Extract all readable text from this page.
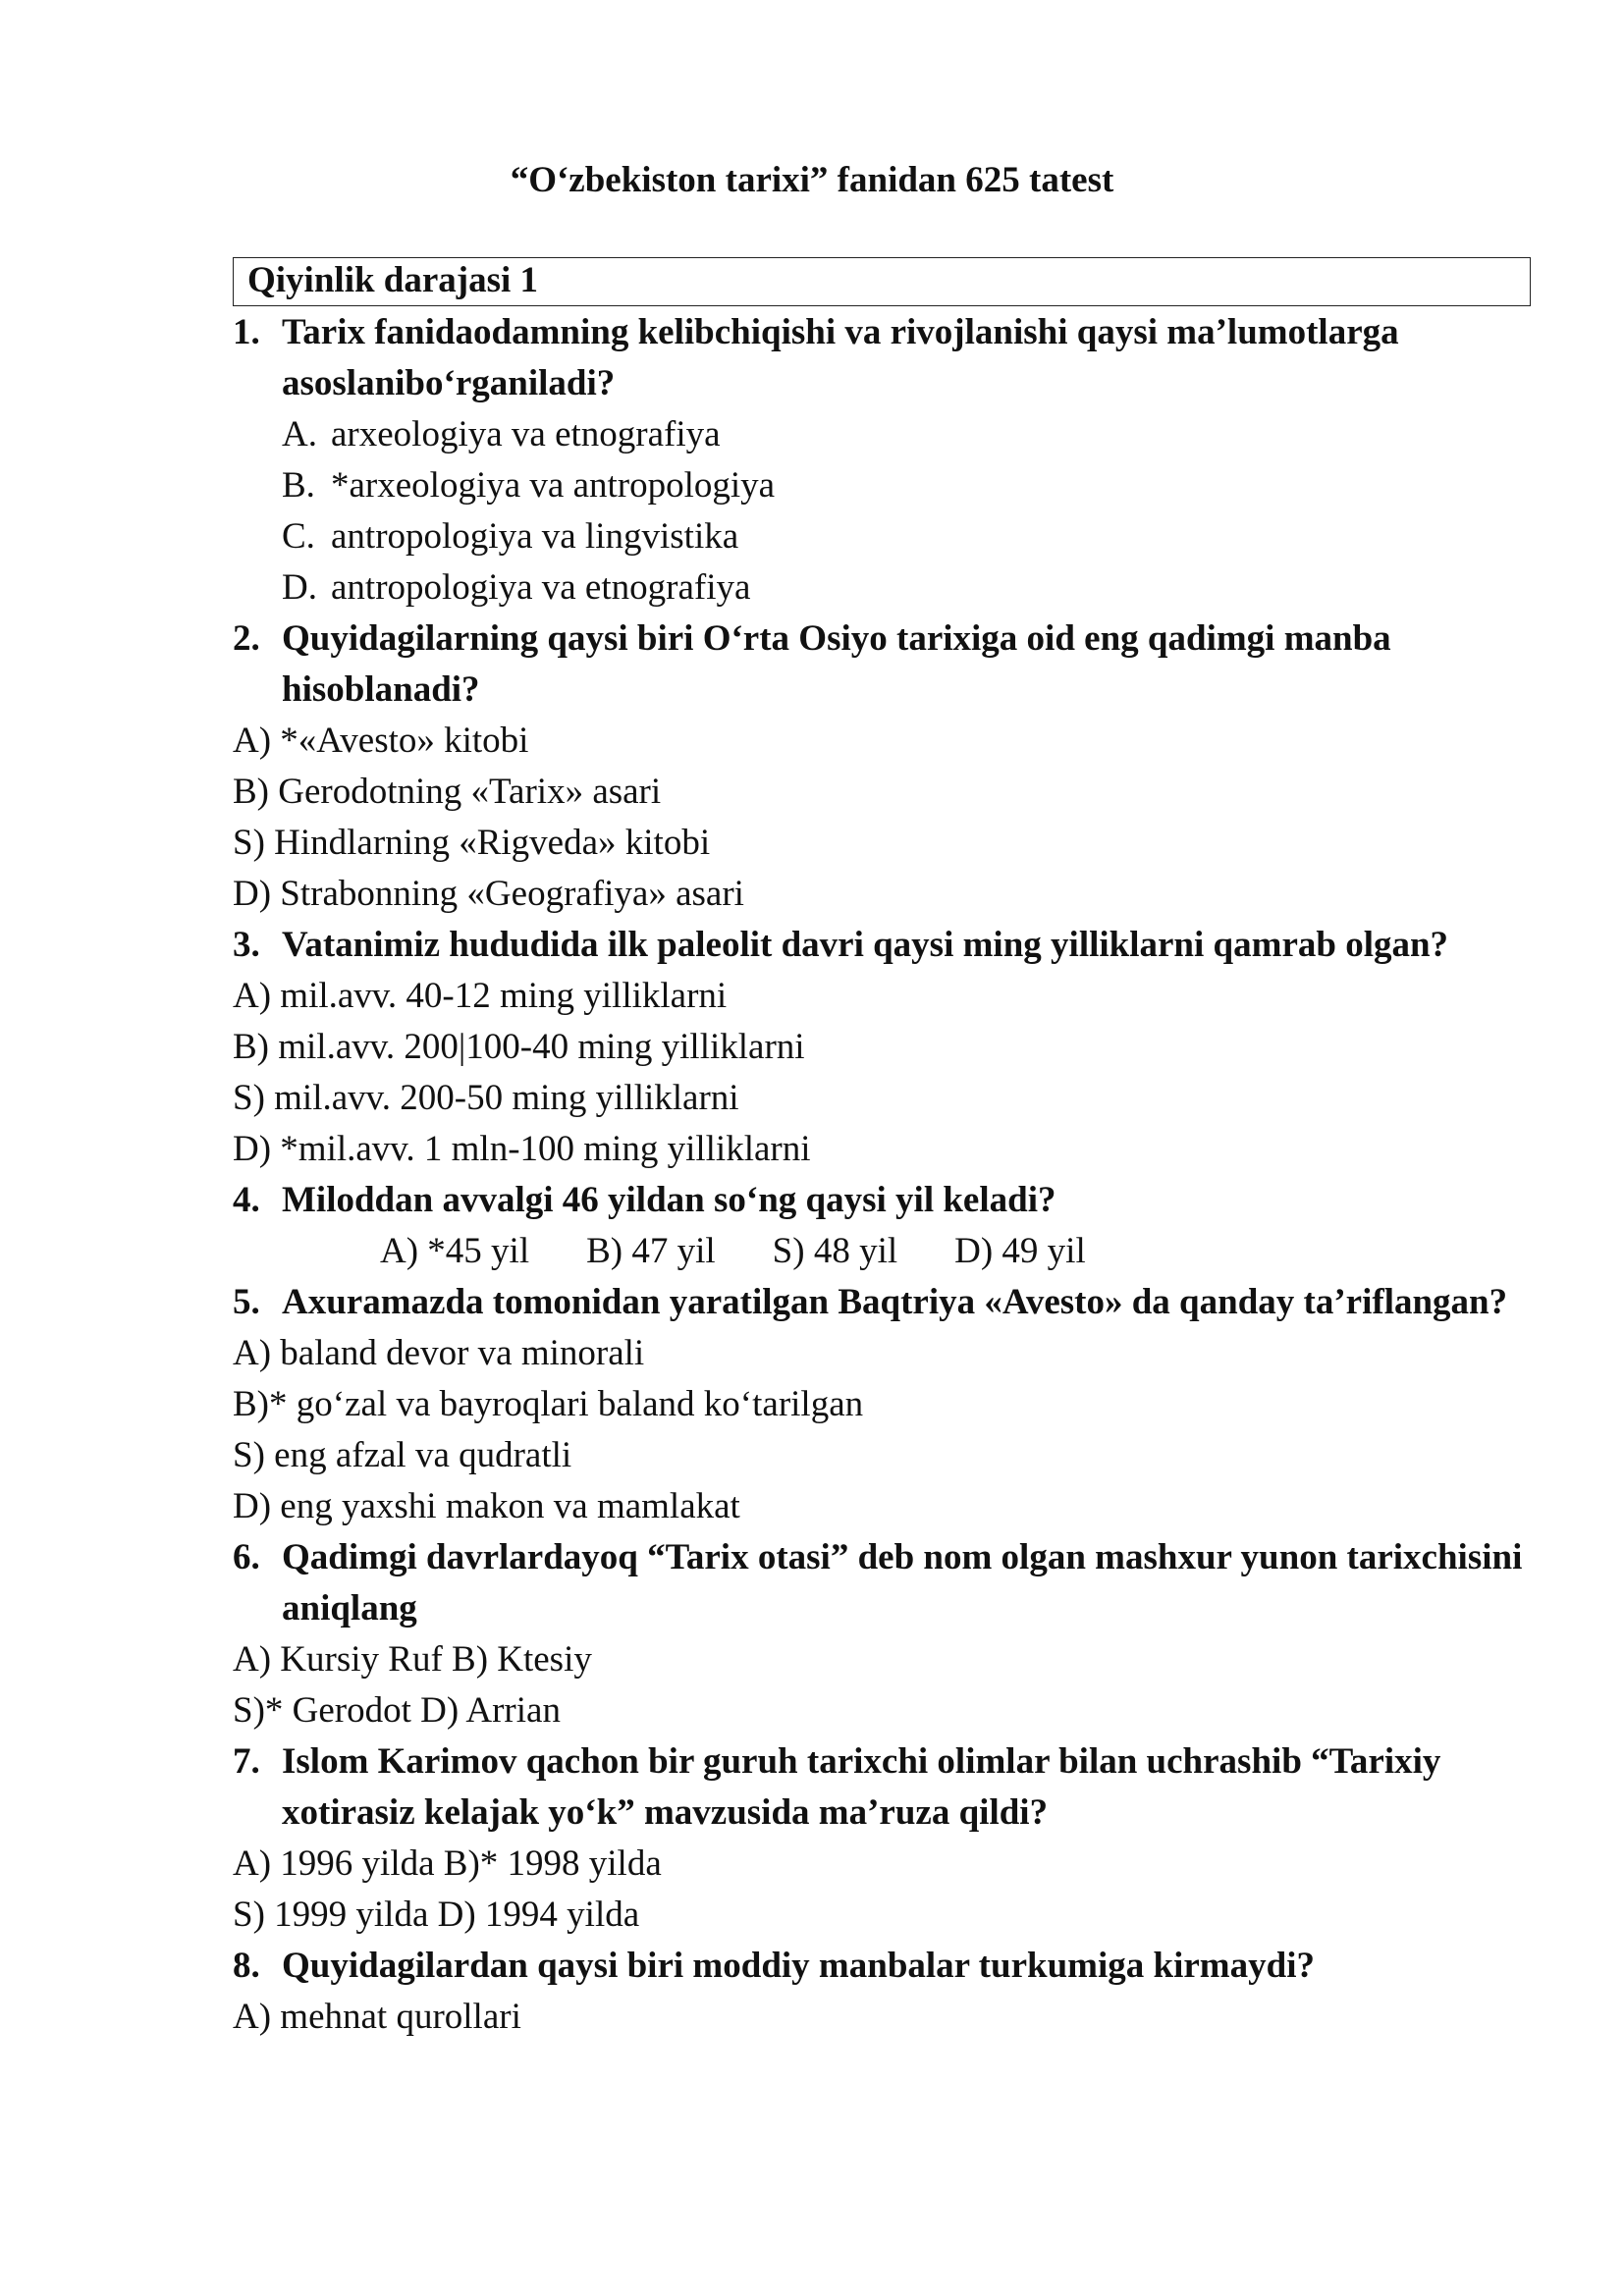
“O‘zbekiston tarixi” fanidan 625 tatest
Qiyinlik darajasi 1
1. Tarix fanidaodamning kelibchiqishi va rivojlanishi qaysi ma’lumotlarga asoslanibo‘rganiladi?
A. arxeologiya va etnografiya
B. *arxeologiya va antropologiya
C. antropologiya va lingvistika
D. antropologiya va etnografiya
2. Quyidagilarning qaysi biri O‘rta Osiyo tarixiga oid eng qadimgi manba hisoblanadi?
A) *«Avesto» kitobi
B) Gerodotning «Tarix» asari
S) Hindlarning «Rigveda» kitobi
D) Strabonning «Geografiya» asari
3. Vatanimiz hududida ilk paleolit davri qaysi ming yilliklarni qamrab olgan?
A) mil.avv. 40-12 ming yilliklarni
B) mil.avv. 200|100-40 ming yilliklarni
S) mil.avv. 200-50 ming yilliklarni
D) *mil.avv. 1 mln-100 ming yilliklarni
4. Miloddan avvalgi 46 yildan so‘ng qaysi yil keladi?
A) *45 yil B) 47 yil S) 48 yil D) 49 yil
5. Axuramazda tomonidan yaratilgan Baqtriya «Avesto» da qanday ta’riflangan?
A) baland devor va minorali
B)* go‘zal va bayroqlari baland ko‘tarilgan
S) eng afzal va qudratli
D) eng yaxshi makon va mamlakat
6. Qadimgi davrlardayoq “Tarix otasi” deb nom olgan mashxur yunon tarixchisini aniqlang
A) Kursiy Ruf B) Ktesiy
S)* Gerodot D) Arrian
7. Islom Karimov qachon bir guruh tarixchi olimlar bilan uchrashib “Tarixiy xotirasiz kelajak yo‘k” mavzusida ma’ruza qildi?
A) 1996 yilda B)* 1998 yilda
S) 1999 yilda D) 1994 yilda
8. Quyidagilardan qaysi biri moddiy manbalar turkumiga kirmaydi?
A) mehnat qurollari
